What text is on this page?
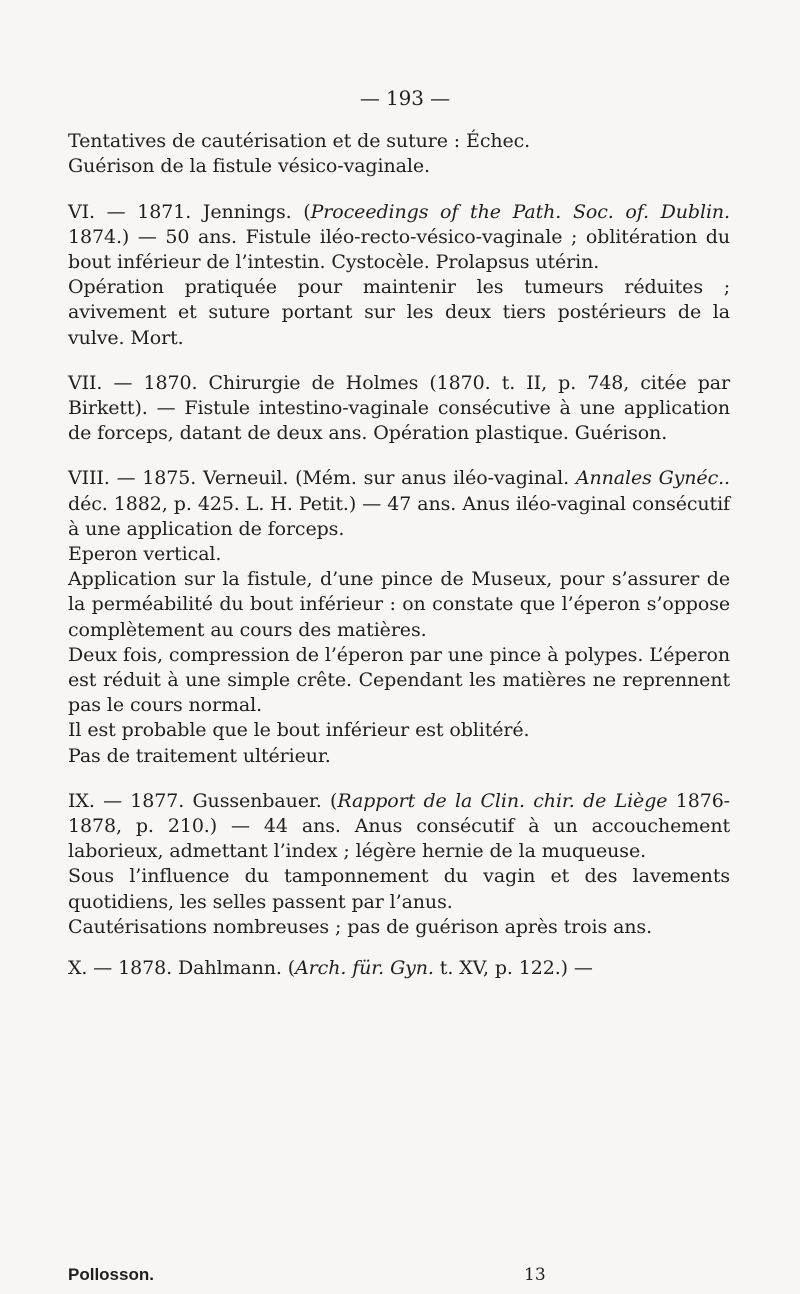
— 193 —

Tentatives de cautérisation et de suture : Échec.

Guérison de la fistule vésico-vaginale.

VI. — 1871. Jennings. (Proceedings of the Path. Soc. of. Dublin. 1874.) — 50 ans. Fistule iléo-recto-vésico-vaginale ; oblitération du bout inférieur de l’intestin. Cystocèle. Prolapsus utérin.

Opération pratiquée pour maintenir les tumeurs réduites ; avivement et suture portant sur les deux tiers postérieurs de la vulve. Mort.

VII. — 1870. Chirurgie de Holmes (1870. t. II, p. 748, citée par Birkett). — Fistule intestino-vaginale consécutive à une application de forceps, datant de deux ans. Opération plastique. Guérison.

VIII. — 1875. Verneuil. (Mém. sur anus iléo-vaginal. Annales Gynéc.. déc. 1882, p. 425. L. H. Petit.) — 47 ans. Anus iléo-vaginal consécutif à une application de forceps.

Eperon vertical.

Application sur la fistule, d’une pince de Museux, pour s’assurer de la perméabilité du bout inférieur : on constate que l’éperon s’oppose complètement au cours des matières.

Deux fois, compression de l’éperon par une pince à polypes. L’éperon est réduit à une simple crête. Cependant les matières ne reprennent pas le cours normal.

Il est probable que le bout inférieur est oblitéré.

Pas de traitement ultérieur.

IX. — 1877. Gussenbauer. (Rapport de la Clin. chir. de Liège 1876-1878, p. 210.) — 44 ans. Anus consécutif à un accouchement laborieux, admettant l’index ; légère hernie de la muqueuse.

Sous l’influence du tamponnement du vagin et des lavements quotidiens, les selles passent par l’anus.

Cautérisations nombreuses ; pas de guérison après trois ans.

X. — 1878. Dahlmann. (Arch. für. Gyn. t. XV, p. 122.) —

Pollosson.	13
